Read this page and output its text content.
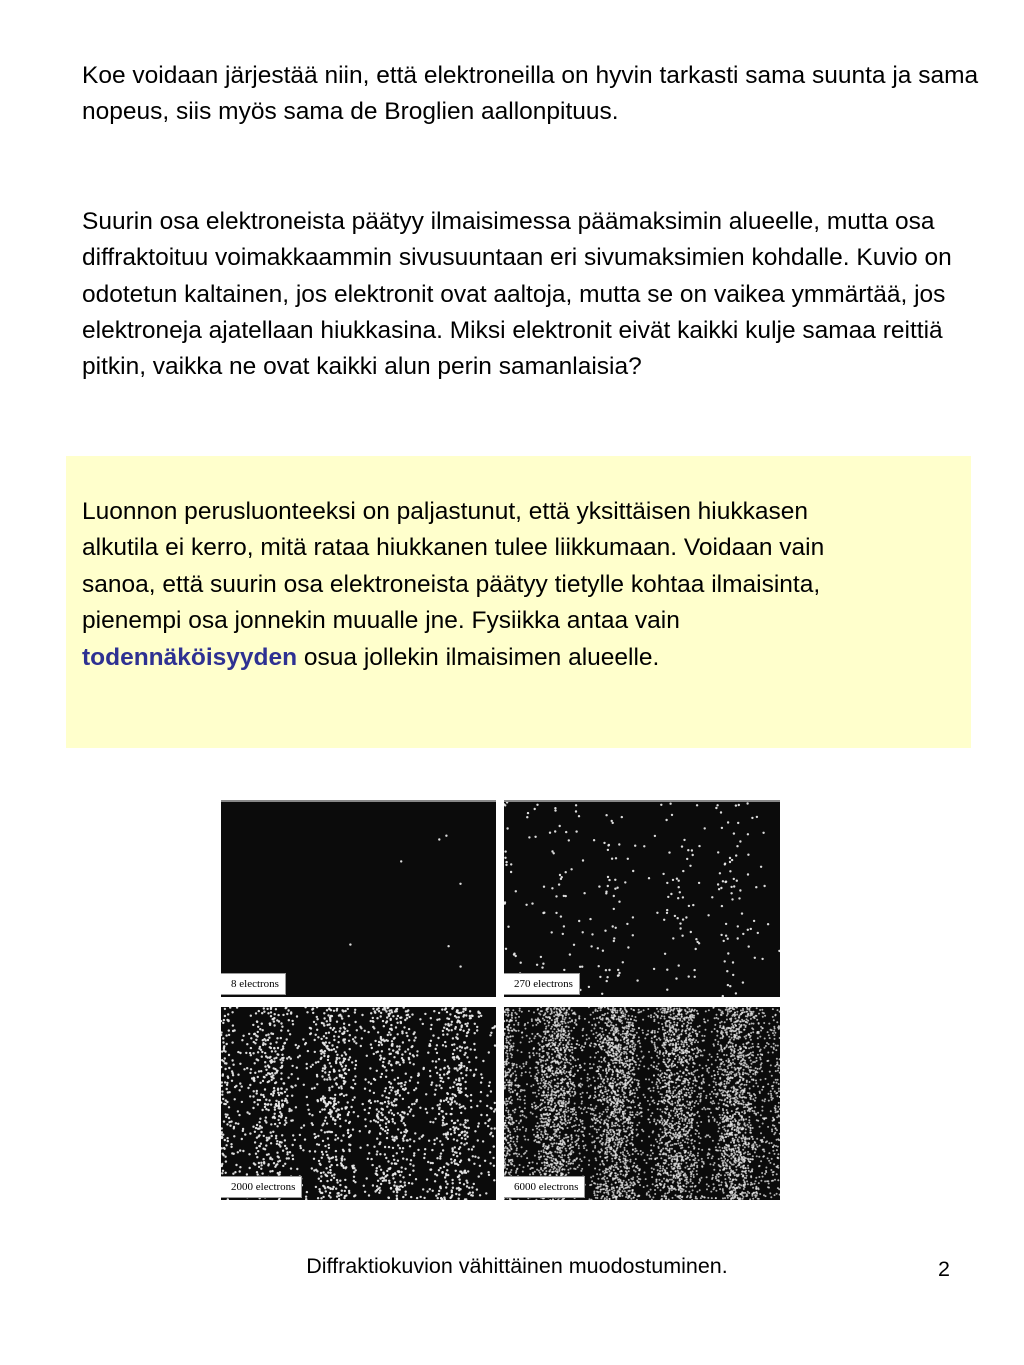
Koe voidaan järjestää niin, että elektroneilla on hyvin tarkasti sama suunta ja sama nopeus, siis myös sama de Broglien aallonpituus.

Suurin osa elektroneista päätyy ilmaisimessa päämaksimin alueelle, mutta osa diffraktoituu voimakkaammin sivusuuntaan eri sivumaksimien kohdalle. Kuvio on odotetun kaltainen, jos elektronit ovat aaltoja, mutta se on vaikea ymmärtää, jos elektroneja ajatellaan hiukkasina. Miksi elektronit eivät kaikki kulje samaa reittiä pitkin, vaikka ne ovat kaikki alun perin samanlaisia?

Luonnon perusluonteeksi on paljastunut, että yksittäisen hiukkasen alkutila ei kerro, mitä rataa hiukkanen tulee liikkumaan. Voidaan vain sanoa, että suurin osa elektroneista päätyy tietylle kohtaa ilmaisinta, pienempi osa jonnekin muualle jne. Fysiikka antaa vain todennäköisyyden osua jollekin ilmaisimen alueelle.

8 electrons	270 electrons
2000 electrons	6000 electrons
Diffraktiokuvion vähittäinen muodostuminen.	2
